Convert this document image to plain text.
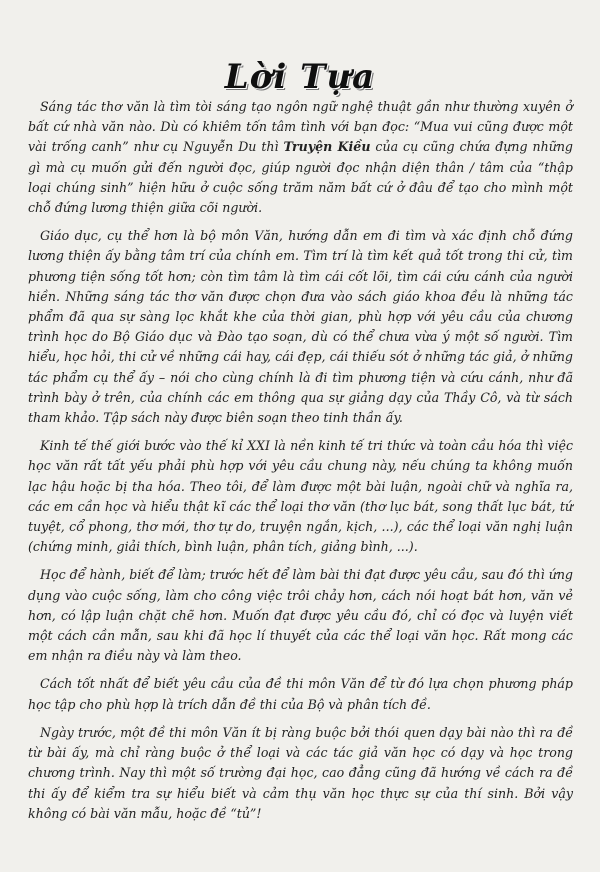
Lời Tựa

Sáng tác thơ văn là tìm tòi sáng tạo ngôn ngữ nghệ thuật gần như thường xuyên ở bất cứ nhà văn nào. Dù có khiêm tốn tâm tình với bạn đọc: “Mua vui cũng được một vài trống canh” như cụ Nguyễn Du thì Truyện Kiều của cụ cũng chứa đựng những gì mà cụ muốn gửi đến người đọc, giúp người đọc nhận diện thân / tâm của “thập loại chúng sinh” hiện hữu ở cuộc sống trăm năm bất cứ ở đâu để tạo cho mình một chỗ đứng lương thiện giữa cõi người.

Giáo dục, cụ thể hơn là bộ môn Văn, hướng dẫn em đi tìm và xác định chỗ đứng lương thiện ấy bằng tâm trí của chính em. Tìm trí là tìm kết quả tốt trong thi cử, tìm phương tiện sống tốt hơn; còn tìm tâm là tìm cái cốt lõi, tìm cái cứu cánh của người hiền. Những sáng tác thơ văn được chọn đưa vào sách giáo khoa đều là những tác phẩm đã qua sự sàng lọc khắt khe của thời gian, phù hợp với yêu cầu của chương trình học do Bộ Giáo dục và Đào tạo soạn, dù có thể chưa vừa ý một số người. Tìm hiểu, học hỏi, thi cử về những cái hay, cái đẹp, cái thiếu sót ở những tác giả, ở những tác phẩm cụ thể ấy – nói cho cùng chính là đi tìm phương tiện và cứu cánh, như đã trình bày ở trên, của chính các em thông qua sự giảng dạy của Thầy Cô, và từ sách tham khảo. Tập sách này được biên soạn theo tinh thần ấy.

Kinh tế thế giới bước vào thế kỉ XXI là nền kinh tế tri thức và toàn cầu hóa thì việc học văn rất tất yếu phải phù hợp với yêu cầu chung này, nếu chúng ta không muốn lạc hậu hoặc bị tha hóa. Theo tôi, để làm được một bài luận, ngoài chữ và nghĩa ra, các em cần học và hiểu thật kĩ các thể loại thơ văn (thơ lục bát, song thất lục bát, tứ tuyệt, cổ phong, thơ mới, thơ tự do, truyện ngắn, kịch, ...), các thể loại văn nghị luận (chứng minh, giải thích, bình luận, phân tích, giảng bình, ...).

Học để hành, biết để làm; trước hết để làm bài thi đạt được yêu cầu, sau đó thì ứng dụng vào cuộc sống, làm cho công việc trôi chảy hơn, cách nói hoạt bát hơn, văn vẻ hơn, có lập luận chặt chẽ hơn. Muốn đạt được yêu cầu đó, chỉ có đọc và luyện viết một cách cần mẫn, sau khi đã học lí thuyết của các thể loại văn học. Rất mong các em nhận ra điều này và làm theo.

Cách tốt nhất để biết yêu cầu của đề thi môn Văn để từ đó lựa chọn phương pháp học tập cho phù hợp là trích dẫn đề thi của Bộ và phân tích đề.

Ngày trước, một đề thi môn Văn ít bị ràng buộc bởi thói quen dạy bài nào thì ra đề từ bài ấy, mà chỉ ràng buộc ở thể loại và các tác giả văn học có dạy và học trong chương trình. Nay thì một số trường đại học, cao đẳng cũng đã hướng về cách ra đề thi ấy để kiểm tra sự hiểu biết và cảm thụ văn học thực sự của thí sinh. Bởi vậy không có bài văn mẫu, hoặc đề “tủ”!
